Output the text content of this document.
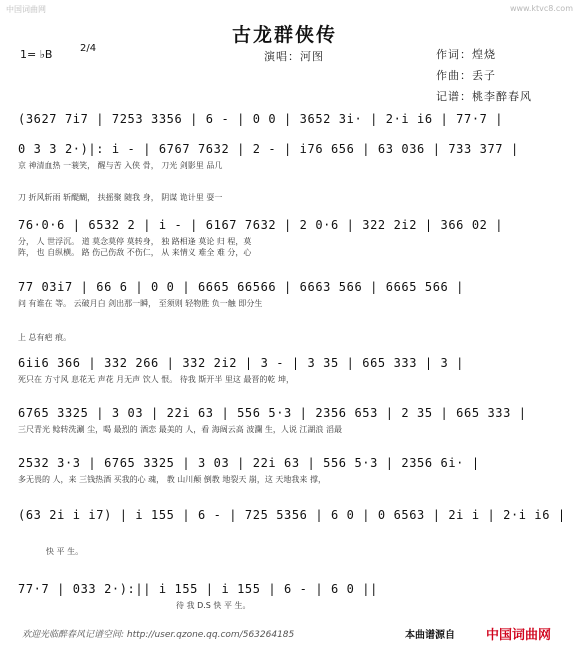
中国词曲网	www.ktvc8.com
古龙群侠传
1= ♭B	2/4
演唱：河图	作词：煌烧
作曲：丢子
记谱：桃李醉春风
(3627 7i7 | 7253 3356 | 6 - | 0 0 | 3652 3i· | 2·i i6 | 77·7 |
0 3 3 2·)|: i - | 6767 7632 | 2 - | i76 656 | 63 036 | 733 377 |
京 神清血热 一蓑笑， 醒与苦 入侠 骨， 刀光 剑影里 品几
刀 折风斩雨 斩醍醐， 扶摇聚 随我 身， 阴谋 诡计里 耍一
76·0·6 | 6532 2 | i - | 6167 7632 | 2 0·6 | 322 2i2 | 366 02 |
分， 人 世浮沉。 道 莫念莫停 莫转身， 独 路相逢 莫论 归 程，莫
阵， 也 自纵横。 路 伤己伤敌 不伤仁， 从 来情义 难全 难 分，心
77 03i7 | 66 6 | 0 0 | 6665 66566 | 6663 566 | 6665 566 |
问 有谁在 等。 云破月白 剑出那一瞬， 至须则 轻物胜 负一触 即分生
上 总有疤 痕。
6ii6 366 | 332 266 | 332 2i2 | 3 - | 3 35 | 665 333 | 3 |
死只在 方寸风 息花无 声花 月无声 饮人 恨。 待我 斯开半 里这 最晋的乾 坤，
6765 3325 | 3 03 | 22i 63 | 556 5·3 | 2356 653 | 2 35 | 665 333 |
三尺青光 鲶转洗涮 尘，喝 最烈的 酒恋 最美的 人，看 海阔云高 波瀾 生，人说 江湖浪 滔最
2532 3·3 | 6765 3325 | 3 03 | 22i 63 | 556 5·3 | 2356 6i· |
多无畏的 人，来 三钱热酒 买我的心 魂， 教 山川颠 倒教 地裂天 崩，这 天地我来 撑，
(63 2i i i7) | i 155 | 6 - | 725 5356 | 6 0 | 0 6563 | 2i i | 2·i i6 |
快 平 生。
77·7 | 033 2·):|| i 155 | i 155 | 6 - | 6 0 ||
待 我 D.S 快 平 生。
欢迎光临醉春风记谱空间: http://user.qzone.qq.com/563264185	本曲谱源自 中国词曲网
